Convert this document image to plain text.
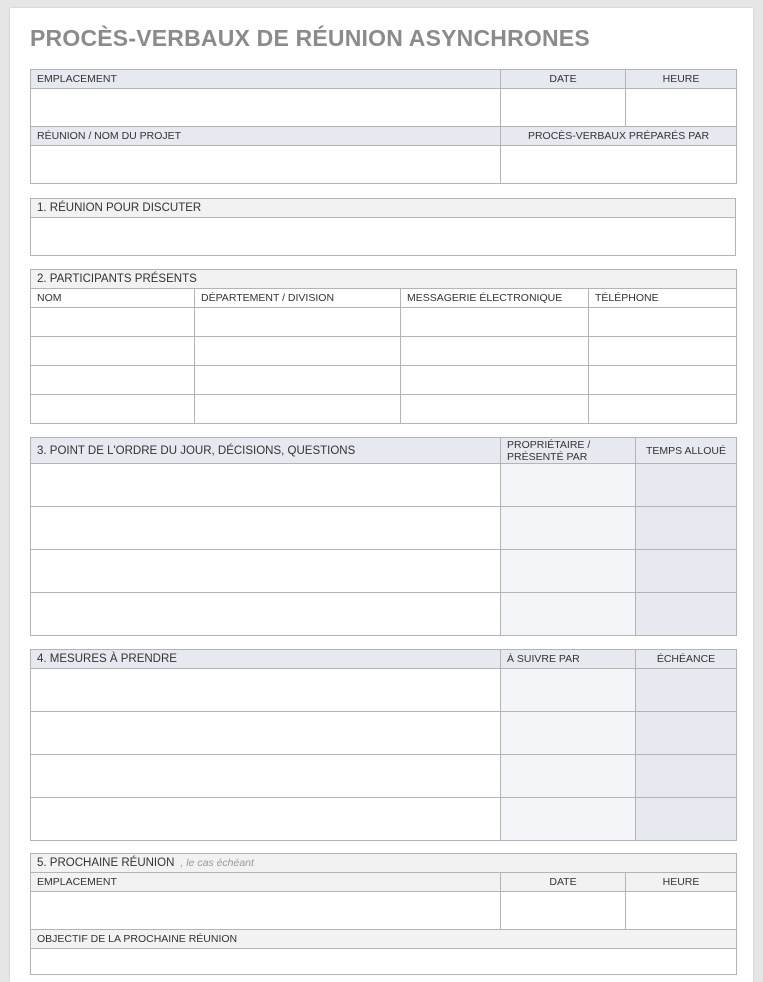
PROCÈS-VERBAUX DE RÉUNION ASYNCHRONES
EMPLACEMENT	DATE	HEURE

RÉUNION / NOM DU PROJET	PROCÈS-VERBAUX PRÉPARÉS PAR	

1. RÉUNION POUR DISCUTER

2. PARTICIPANTS PRÉSENTS			
NOM	DÉPARTEMENT / DIVISION	MESSAGERIE ÉLECTRONIQUE	TÉLÉPHONE

3. POINT DE L'ORDRE DU JOUR, DÉCISIONS, QUESTIONS	PROPRIÉTAIRE / PRÉSENTÉ PAR	TEMPS ALLOUÉ

4. MESURES À PRENDRE	À SUIVRE PAR	ÉCHÉANCE

5. PROCHAINE RÉUNION , le cas échéant		
EMPLACEMENT	DATE	HEURE

OBJECTIF DE LA PROCHAINE RÉUNION		
